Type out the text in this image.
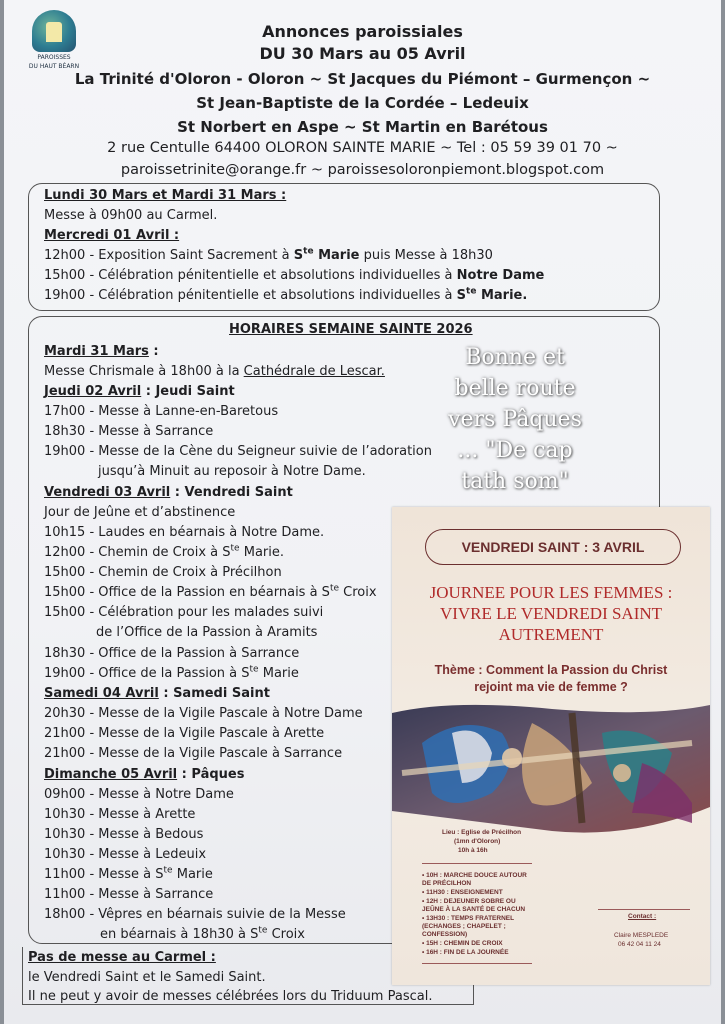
PAROISSES
DU HAUT BÉARN
Annonces paroissiales
DU 30 Mars au 05 Avril
La Trinité d'Oloron - Oloron ~ St Jacques du Piémont – Gurmençon ~
St Jean-Baptiste de la Cordée – Ledeuix
St Norbert en Aspe ~ St Martin en Barétous
2 rue Centulle 64400 OLORON SAINTE MARIE ~ Tel : 05 59 39 01 70 ~
paroissetrinite@orange.fr ~ paroissesoloronpiemont.blogspot.com
Lundi 30 Mars et Mardi 31 Mars :
Messe à 09h00 au Carmel.
Mercredi 01 Avril :
12h00 - Exposition Saint Sacrement à $S^{te}$ Marie puis Messe à 18h30
15h00 - Célébration pénitentielle et absolutions individuelles à Notre Dame
19h00 - Célébration pénitentielle et absolutions individuelles à $S^{te}$ Marie.
HORAIRES SEMAINE SAINTE 2026
Mardi 31 Mars :
Messe Chrismale à 18h00 à la Cathédrale de Lescar.
Jeudi 02 Avril : Jeudi Saint
17h00 - Messe à Lanne-en-Baretous
18h30 - Messe à Sarrance
19h00 - Messe de la Cène du Seigneur suivie de l’adoration
jusqu’à Minuit au reposoir à Notre Dame.
Vendredi 03 Avril : Vendredi Saint
Jour de Jeûne et d’abstinence
10h15 - Laudes en béarnais à Notre Dame.
12h00 - Chemin de Croix à $S^{te}$ Marie.
15h00 - Chemin de Croix à Précilhon
15h00 - Office de la Passion en béarnais à $S^{te}$ Croix
15h00 - Célébration pour les malades suivi
de l’Office de la Passion à Aramits
18h30 - Office de la Passion à Sarrance
19h00 - Office de la Passion à $S^{te}$ Marie
Samedi 04 Avril : Samedi Saint
20h30 - Messe de la Vigile Pascale à Notre Dame
21h00 - Messe de la Vigile Pascale à Arette
21h00 - Messe de la Vigile Pascale à Sarrance
Dimanche 05 Avril : Pâques
09h00 - Messe à Notre Dame
10h30 - Messe à Arette
10h30 - Messe à Bedous
10h30 - Messe à Ledeuix
11h00 - Messe à $S^{te}$ Marie
11h00 - Messe à Sarrance
18h00 - Vêpres en béarnais suivie de la Messe
en béarnais à 18h30 à $S^{te}$ Croix
Pas de messe au Carmel :
le Vendredi Saint et le Samedi Saint.
Il ne peut y avoir de messes célébrées lors du Triduum Pascal.
Bonne et
belle route
vers Pâques
... "De cap
tath som"
VENDREDI SAINT : 3 AVRIL
JOURNEE POUR LES FEMMES :
VIVRE LE VENDREDI SAINT
AUTREMENT
Thème : Comment la Passion du Christ
rejoint ma vie de femme ?
Lieu : Eglise de Précilhon
(1mn d'Oloron)
10h à 16h
• 10H : MARCHE DOUCE AUTOUR
DE PRÉCILHON
• 11H30 : ENSEIGNEMENT
• 12H : DEJEUNER SOBRE OU
JEÛNE À LA SANTÉ DE CHACUN
• 13H30 : TEMPS FRATERNEL
(ECHANGES ; CHAPELET ;
CONFESSION)
• 15H : CHEMIN DE CROIX
• 16H : FIN DE LA JOURNÉE
Contact :
Claire MESPLEDE
06 42 04 11 24
